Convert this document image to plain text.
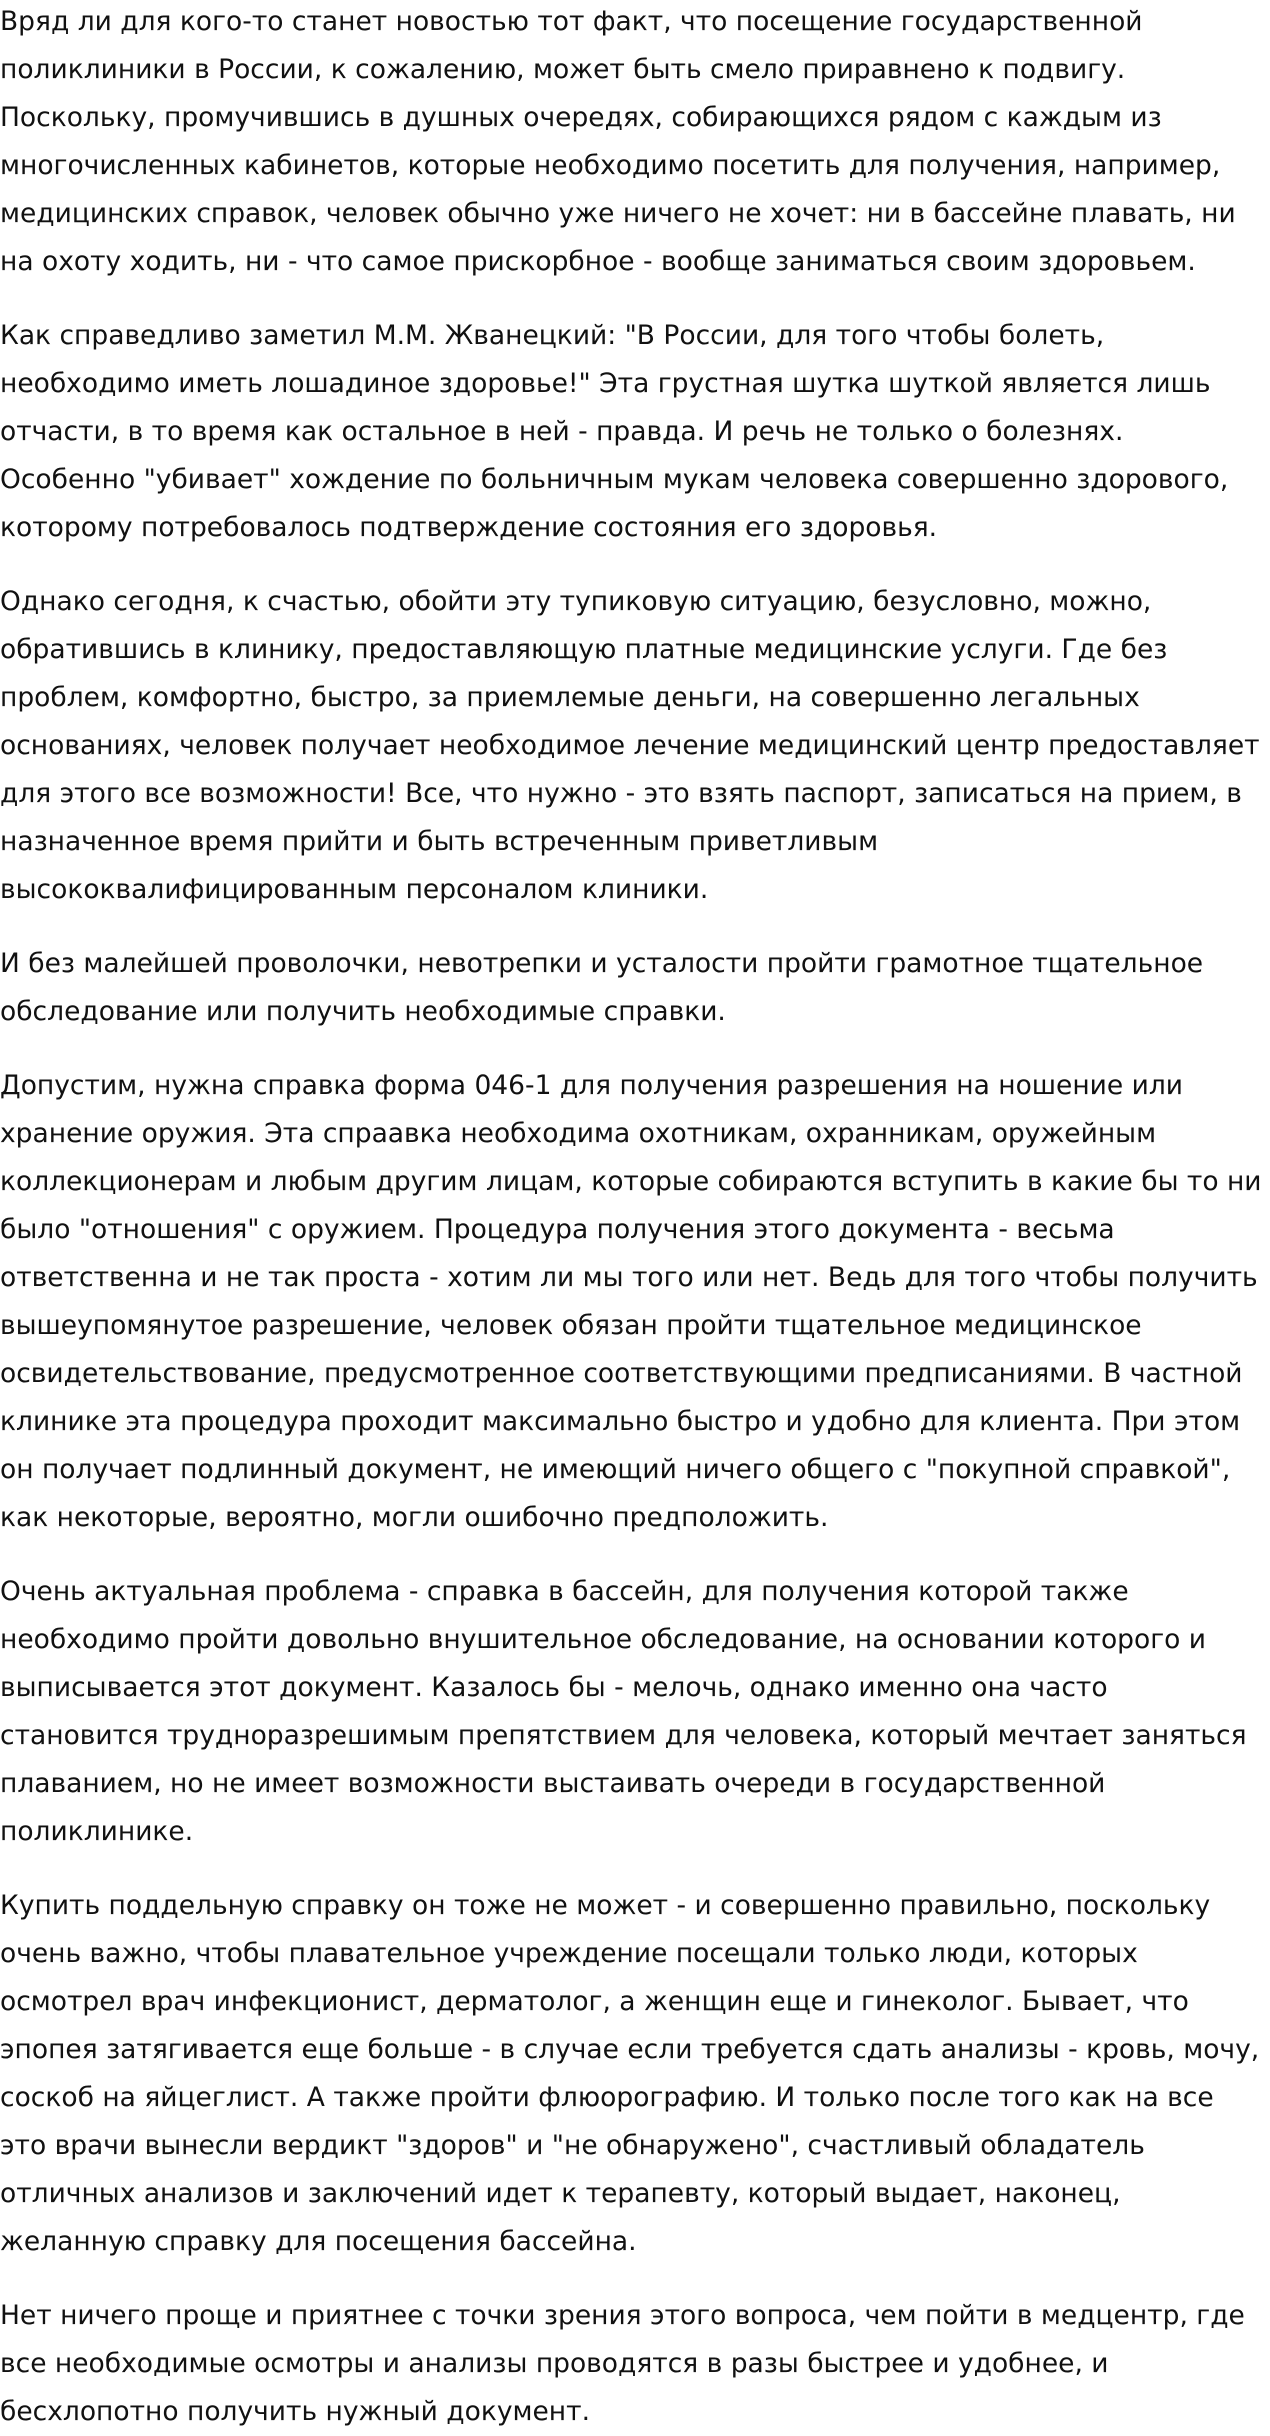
Вряд ли для кого-то станет новостью тот факт, что посещение государственной поликлиники в России, к сожалению, может быть смело приравнено к подвигу. Поскольку, промучившись в душных очередях, собирающихся рядом с каждым из многочисленных кабинетов, которые необходимо посетить для получения, например, медицинских справок, человек обычно уже ничего не хочет: ни в бассейне плавать, ни на охоту ходить, ни - что самое прискорбное - вообще заниматься своим здоровьем.

Как справедливо заметил М.М. Жванецкий: "В России, для того чтобы болеть, необходимо иметь лошадиное здоровье!" Эта грустная шутка шуткой является лишь отчасти, в то время как остальное в ней - правда. И речь не только о болезнях. Особенно "убивает" хождение по больничным мукам человека совершенно здорового, которому потребовалось подтверждение состояния его здоровья.

Однако сегодня, к счастью, обойти эту тупиковую ситуацию, безусловно, можно, обратившись в клинику, предоставляющую платные медицинские услуги. Где без проблем, комфортно, быстро, за приемлемые деньги, на совершенно легальных основаниях, человек получает необходимое лечение медицинский центр предоставляет для этого все возможности! Все, что нужно - это взять паспорт, записаться на прием, в назначенное время прийти и быть встреченным приветливым высококвалифицированным персоналом клиники.

И без малейшей проволочки, невотрепки и усталости пройти грамотное тщательное обследование или получить необходимые справки.

Допустим, нужна справка форма 046-1 для получения разрешения на ношение или хранение оружия. Эта спраавка необходима охотникам, охранникам, оружейным коллекционерам и любым другим лицам, которые собираются вступить в какие бы то ни было "отношения" с оружием. Процедура получения этого документа - весьма ответственна и не так проста - хотим ли мы того или нет. Ведь для того чтобы получить вышеупомянутое разрешение, человек обязан пройти тщательное медицинское освидетельствование, предусмотренное соответствующими предписаниями. В частной клинике эта процедура проходит максимально быстро и удобно для клиента. При этом он получает подлинный документ, не имеющий ничего общего с "покупной справкой", как некоторые, вероятно, могли ошибочно предположить.

Очень актуальная проблема - справка в бассейн, для получения которой также необходимо пройти довольно внушительное обследование, на основании которого и выписывается этот документ. Казалось бы - мелочь, однако именно она часто становится трудноразрешимым препятствием для человека, который мечтает заняться плаванием, но не имеет возможности выстаивать очереди в государственной поликлинике.

Купить поддельную справку он тоже не может - и совершенно правильно, поскольку очень важно, чтобы плавательное учреждение посещали только люди, которых осмотрел врач инфекционист, дерматолог, а женщин еще и гинеколог. Бывает, что эпопея затягивается еще больше - в случае если требуется сдать анализы - кровь, мочу, соскоб на яйцеглист. А также пройти флюорографию. И только после того как на все это врачи вынесли вердикт "здоров" и "не обнаружено", счастливый обладатель отличных анализов и заключений идет к терапевту, который выдает, наконец, желанную справку для посещения бассейна.

Нет ничего проще и приятнее с точки зрения этого вопроса, чем пойти в медцентр, где все необходимые осмотры и анализы проводятся в разы быстрее и удобнее, и бесхлопотно получить нужный документ.
